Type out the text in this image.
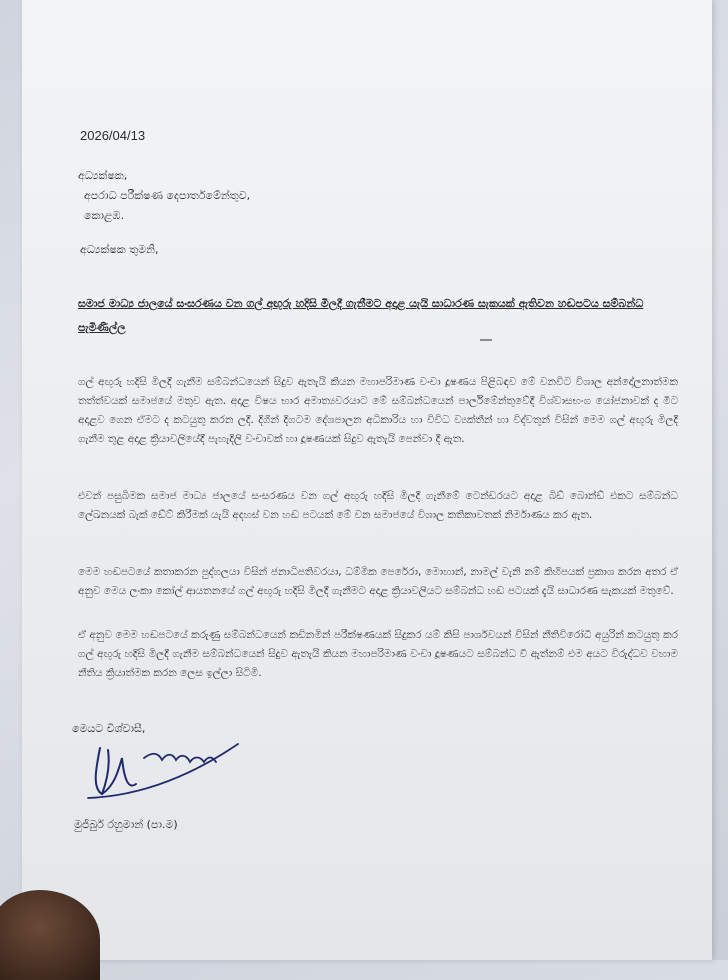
2026/04/13
අධ්‍යක්ෂක,
අපරාධ පරීක්ෂණ දෙපාර්තමේන්තුව,
කොළඹ.
අධ්‍යක්ෂක තුමනි,
සමාජ මාධ්‍ය ජාලයේ සංසරණය වන ගල් අඟුරු හදිසි මිලදී ගැනීමට අදාළ යැයි සාධාරණ සැකයක් ඇතිවන හඬපටය සම්බන්ධ පැමිණිල්ල
ගල් අඟුරු හදිසි මිලදී ගැනීම සම්බන්ධයෙන් සිදුව ඇතැයි කියන මහාපරිමාණ වංචා දූෂණය පිළිබඳව මේ වනවිට විශාල අන්දෝලනාත්මක තත්ත්වයක් සමාජයේ මතුව ඇත. අදාළ විෂය භාර අමාත්‍යවරයාට මේ සම්බන්ධයෙන් පාර්ලිමේන්තුවේදී විශ්වාසභංග යෝජනාවක් ද මීට අදාළව ගෙන ඒමට ද කටයුතු කරන ලදී. දිගින් දිගටම දේශපාලන අධිකාරිය හා විවිධ ව්‍යක්තීන් හා විද්වතුන් විසින් මෙම ගල් අඟුරු මිලදී ගැනීම තුළ අදාළ ක්‍රියාවලියේදී පැහැදිලි වංචාවක් හා දූෂණයක් සිදුව ඇතැයි පෙන්වා දී ඇත.
එවන් පසුබිමක සමාජ මාධ්‍ය ජාලයේ සංසරණය වන ගල් අඟුරු හදිසි මිලදී ගැනීමේ ටෙන්ඩරයට අදාළ බිඩ් බොන්ඩ් එකට සම්බන්ධ ලේඛනයක් බැක් ඩේට් කිරීමක් යැයි අදහස් වන හඬ පටයක් මේ වන සමාජයේ විශාල කතිකාවතක් නිර්මාණය කර ඇත.
මෙම හඬපටයේ කතාකරන පුද්ගලයා විසින් ජනාධිපතිවරයා, ධම්මික පෙරේරා, මොහාන්, නාමල් වැනි නම් කිහිපයක් ප්‍රකාශ කරන අතර ඒ අනුව මෙය ලංකා කෝල් ආයතනයේ ගල් අඟුරු හදිසි මිලදී ගැනීමට අදාළ ක්‍රියාවලියට සම්බන්ධ හඬ පටයක් දැයි සාධාරණ සැකයක් මතුවේ.
ඒ අනුව මෙම හඬපටයේ කරුණු සම්බන්ධයෙන් කඩිනමින් පරීක්ෂණයක් සිදුකර යම් කිසි පාර්ශවයන් විසින් නීතිවිරෝධී අයුරින් කටයුතු කර ගල් අඟුරු හදිසි මිලදී ගැනීම සම්බන්ධයෙන් සිදුව ඇතැයි කියන මහාපරිමාණ වංචා දූෂණයට සම්බන්ධ වී ඇත්නම් එම අයට විරුද්ධව වහාම නීතිය ක්‍රියාත්මක කරන ලෙස ඉල්ලා සිටිමි.
මෙයට විශ්වාසී,
මුජිබුර් රහුමාන් (පා.ම)
